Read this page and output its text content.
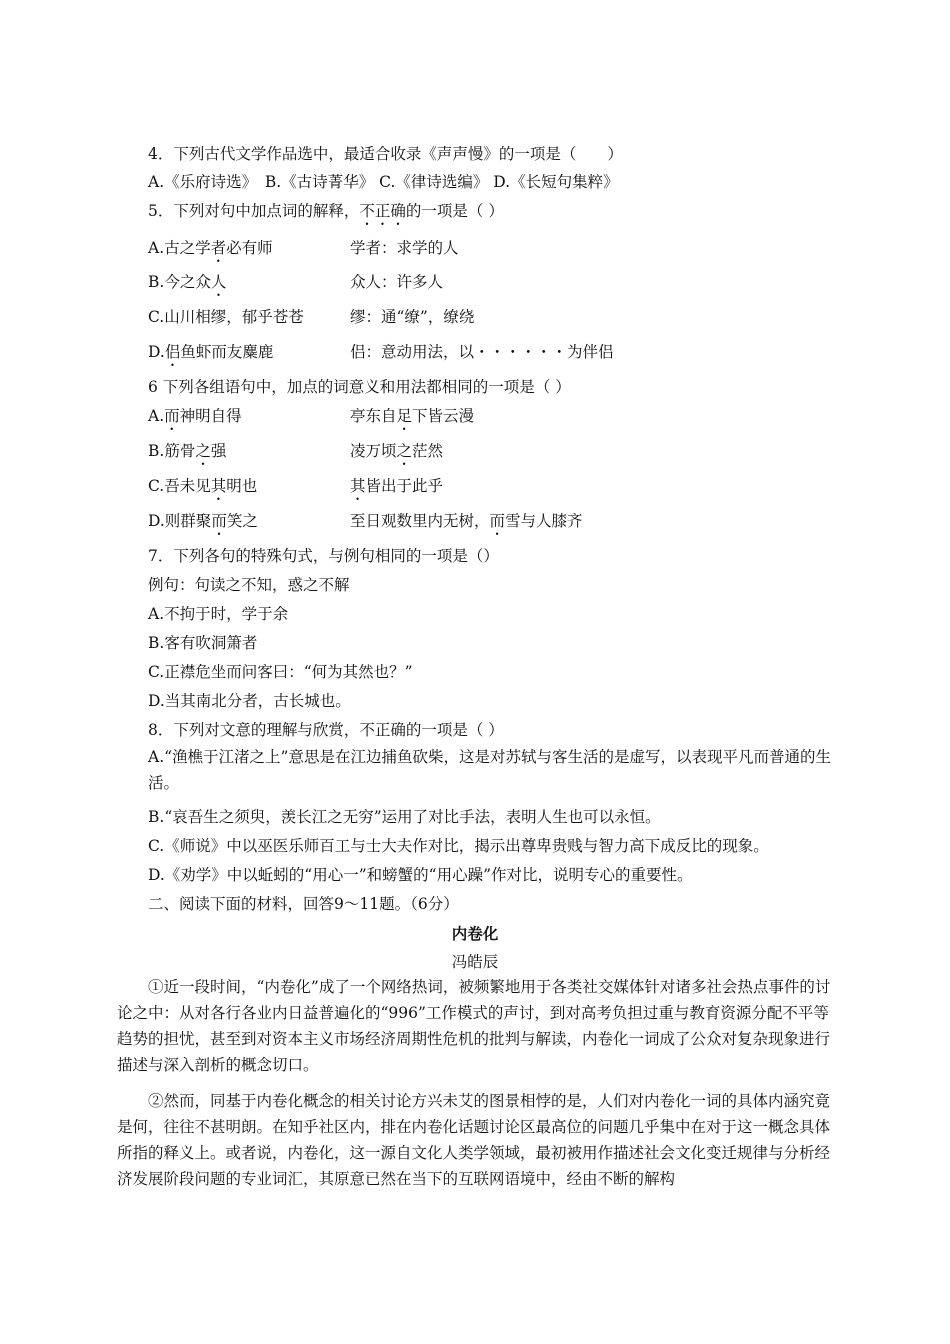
4．下列古代文学作品选中，最适合收录《声声慢》的一项是（　　）
A.《乐府诗选》　B.《古诗菁华》 C.《律诗选编》 D.《长短句集粹》
5．下列对句中加点词的解释，不正确的一项是（ ）
A.古之学者必有师	学者：求学的人
B.今之众人	众人：许多人
C.山川相缪，郁乎苍苍	缪：通“缭”，缭绕
D.侣鱼虾而友麋鹿	侣：意动用法，以・・・・・・为伴侣
6 下列各组语句中，加点的词意义和用法都相同的一项是（ ）
A.而神明自得	亭东自足下皆云漫
B.筋骨之强	凌万顷之茫然
C.吾未见其明也	其皆出于此乎
D.则群聚而笑之	至日观数里内无树，而雪与人膝齐
7．下列各句的特殊句式，与例句相同的一项是（）
例句：句读之不知，惑之不解
A.不拘于时，学于余
B.客有吹洞箫者
C.正襟危坐而问客曰：“何为其然也？”
D.当其南北分者，古长城也。
8．下列对文意的理解与欣赏，不正确的一项是（ ）
A.“渔樵于江渚之上”意思是在江边捕鱼砍柴，这是对苏轼与客生活的是虚写，以表现平凡而普通的生活。
B.“哀吾生之须臾，羡长江之无穷”运用了对比手法，表明人生也可以永恒。
C.《师说》中以巫医乐师百工与士大夫作对比，揭示出尊卑贵贱与智力高下成反比的现象。
D.《劝学》中以蚯蚓的“用心一”和螃蟹的“用心躁”作对比，说明专心的重要性。
二、阅读下面的材料，回答9～11题。（6分）
内卷化
冯皓辰
①近一段时间，“内卷化”成了一个网络热词，被频繁地用于各类社交媒体针对诸多社会热点事件的讨论之中：从对各行各业内日益普遍化的“996”工作模式的声讨，到对高考负担过重与教育资源分配不平等趋势的担忧，甚至到对资本主义市场经济周期性危机的批判与解读，内卷化一词成了公众对复杂现象进行描述与深入剖析的概念切口。
②然而，同基于内卷化概念的相关讨论方兴未艾的图景相悖的是，人们对内卷化一词的具体内涵究竟是何，往往不甚明朗。在知乎社区内，排在内卷化话题讨论区最高位的问题几乎集中在对于这一概念具体所指的释义上。或者说，内卷化，这一源自文化人类学领域，最初被用作描述社会文化变迁规律与分析经济发展阶段问题的专业词汇，其原意已然在当下的互联网语境中，经由不断的解构
